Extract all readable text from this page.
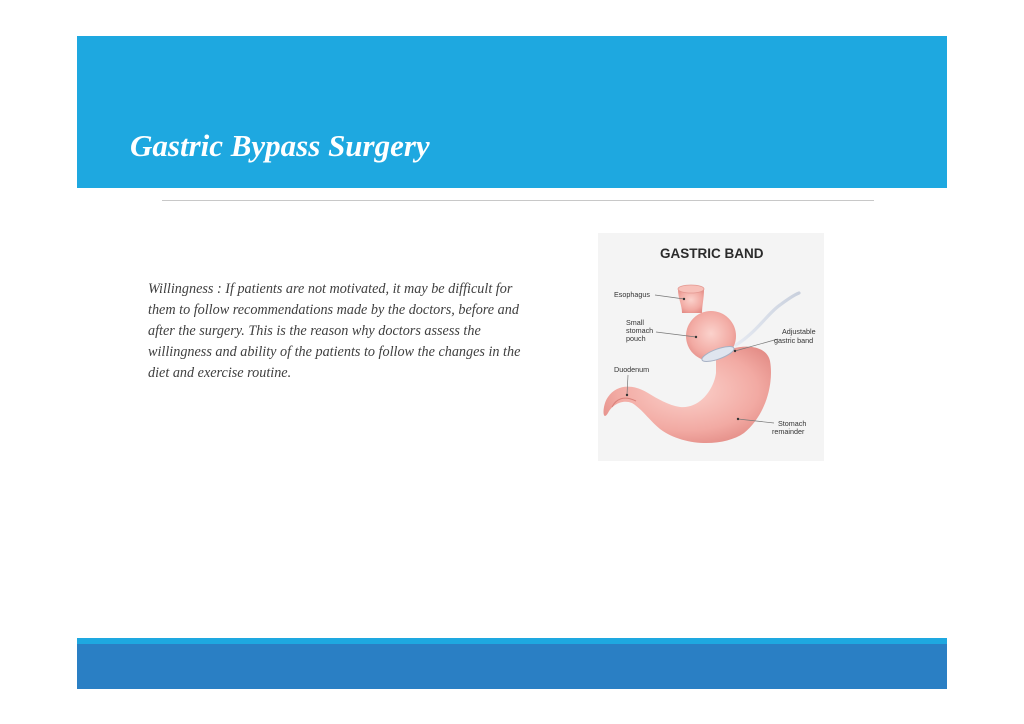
Gastric Bypass Surgery

Willingness : If patients are not motivated, it may be difficult for them to follow recommendations made by the doctors, before and after the surgery. This is the reason why doctors assess the willingness and ability of the patients to follow the changes in the diet and exercise routine.

GASTRIC BAND
Esophagus
Small
stomach
pouch
Adjustable
gastric band
Duodenum
Stomach
remainder
